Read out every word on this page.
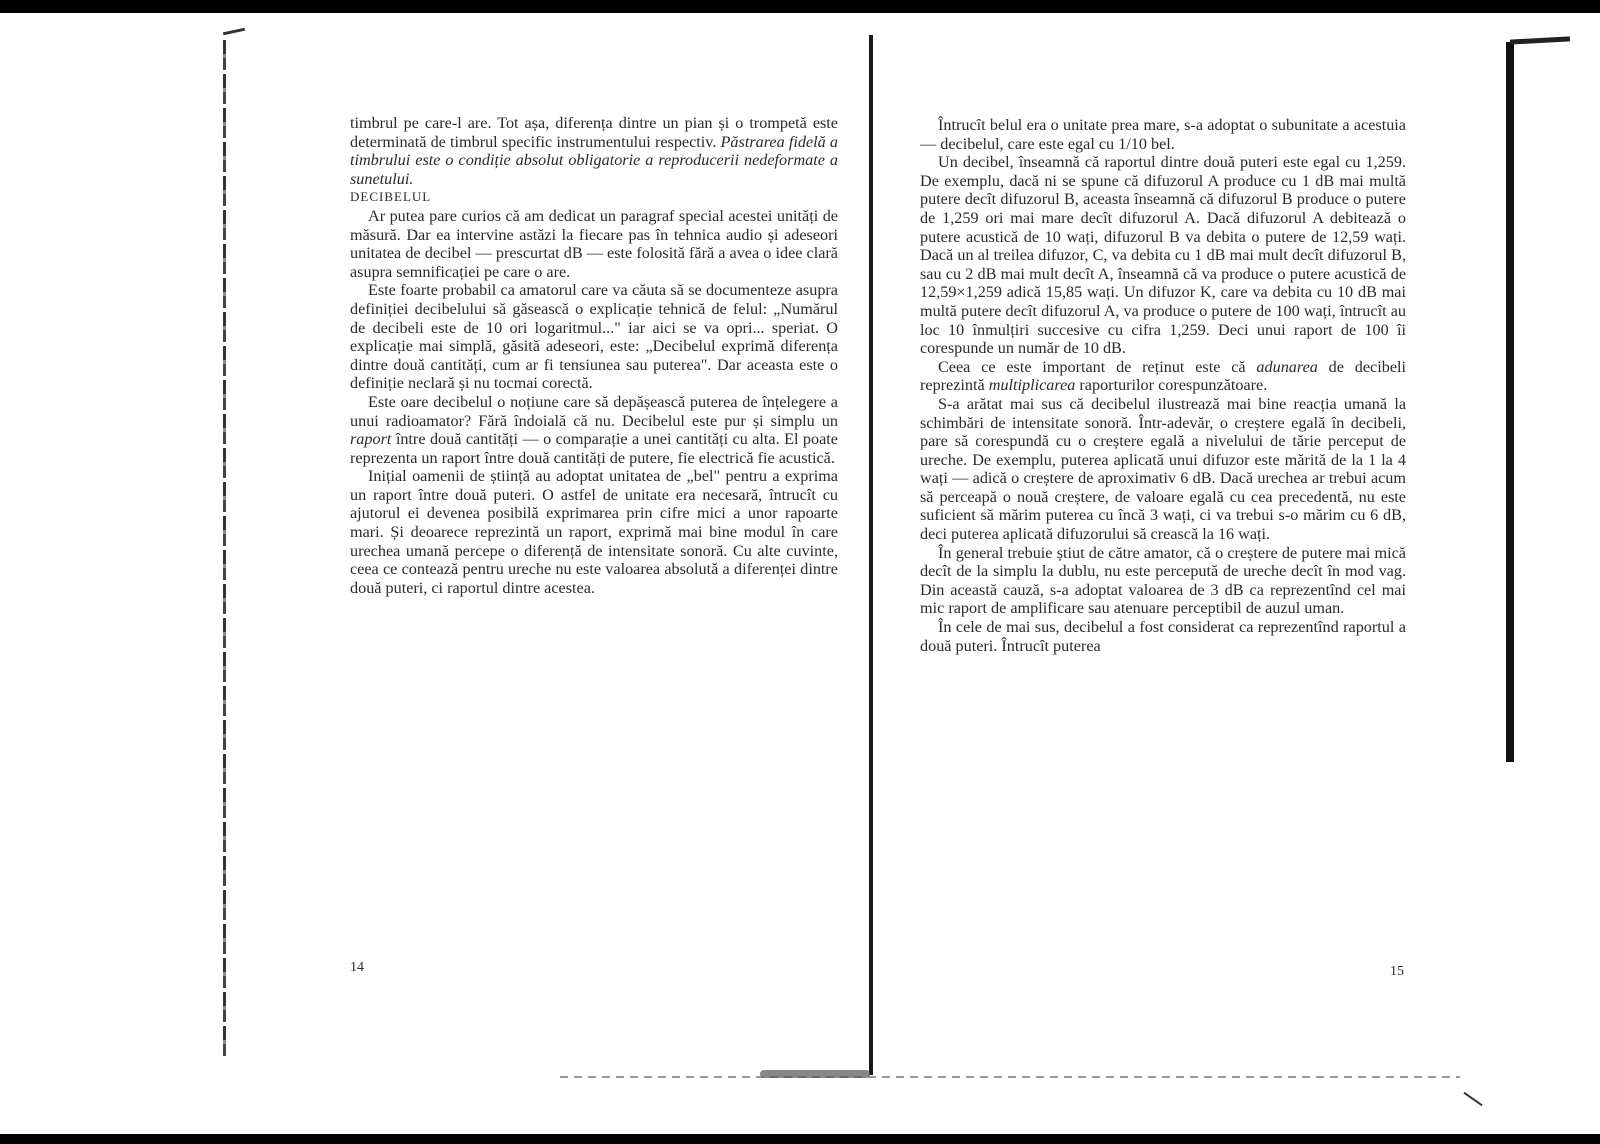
timbrul pe care-l are. Tot așa, diferența dintre un pian și o trompetă este determinată de timbrul specific instrumentului respectiv. Păstrarea fidelă a timbrului este o condiție absolut obligatorie a reproducerii nedeformate a sunetului.

DECIBELUL

Ar putea pare curios că am dedicat un paragraf special acestei unități de măsură. Dar ea intervine astăzi la fiecare pas în tehnica audio și adeseori unitatea de decibel — prescurtat dB — este folosită fără a avea o idee clară asupra semnificației pe care o are.

Este foarte probabil ca amatorul care va căuta să se documenteze asupra definiției decibelului să găsească o explicație tehnică de felul: „Numărul de decibeli este de 10 ori logaritmul..." iar aici se va opri... speriat. O explicație mai simplă, găsită adeseori, este: „Decibelul exprimă diferența dintre două cantități, cum ar fi tensiunea sau puterea". Dar aceasta este o definiție neclară și nu tocmai corectă.

Este oare decibelul o noțiune care să depășească puterea de înțelegere a unui radioamator? Fără îndoială că nu. Decibelul este pur și simplu un raport între două cantități — o comparație a unei cantități cu alta. El poate reprezenta un raport între două cantități de putere, fie electrică fie acustică.

Inițial oamenii de știință au adoptat unitatea de „bel" pentru a exprima un raport între două puteri. O astfel de unitate era necesară, întrucît cu ajutorul ei devenea posibilă exprimarea prin cifre mici a unor rapoarte mari. Și deoarece reprezintă un raport, exprimă mai bine modul în care urechea umană percepe o diferență de intensitate sonoră. Cu alte cuvinte, ceea ce contează pentru ureche nu este valoarea absolută a diferenței dintre două puteri, ci raportul dintre acestea.

14

Întrucît belul era o unitate prea mare, s-a adoptat o subunitate a acestuia — decibelul, care este egal cu 1/10 bel.

Un decibel, înseamnă că raportul dintre două puteri este egal cu 1,259. De exemplu, dacă ni se spune că difuzorul A produce cu 1 dB mai multă putere decît difuzorul B, aceasta înseamnă că difuzorul B produce o putere de 1,259 ori mai mare decît difuzorul A. Dacă difuzorul A debitează o putere acustică de 10 wați, difuzorul B va debita o putere de 12,59 wați. Dacă un al treilea difuzor, C, va debita cu 1 dB mai mult decît difuzorul B, sau cu 2 dB mai mult decît A, înseamnă că va produce o putere acustică de 12,59×1,259 adică 15,85 wați. Un difuzor K, care va debita cu 10 dB mai multă putere decît difuzorul A, va produce o putere de 100 wați, întrucît au loc 10 înmulțiri succesive cu cifra 1,259. Deci unui raport de 100 îi corespunde un număr de 10 dB.

Ceea ce este important de reținut este că adunarea de decibeli reprezintă multiplicarea raporturilor corespunzătoare.

S-a arătat mai sus că decibelul ilustrează mai bine reacția umană la schimbări de intensitate sonoră. Într-adevăr, o creștere egală în decibeli, pare să corespundă cu o creștere egală a nivelului de tărie perceput de ureche. De exemplu, puterea aplicată unui difuzor este mărită de la 1 la 4 wați — adică o creștere de aproximativ 6 dB. Dacă urechea ar trebui acum să perceapă o nouă creștere, de valoare egală cu cea precedentă, nu este suficient să mărim puterea cu încă 3 wați, ci va trebui s-o mărim cu 6 dB, deci puterea aplicată difuzorului să crească la 16 wați.

În general trebuie știut de către amator, că o creștere de putere mai mică decît de la simplu la dublu, nu este percepută de ureche decît în mod vag. Din această cauză, s-a adoptat valoarea de 3 dB ca reprezentînd cel mai mic raport de amplificare sau atenuare perceptibil de auzul uman.

În cele de mai sus, decibelul a fost considerat ca reprezentînd raportul a două puteri. Întrucît puterea

15
